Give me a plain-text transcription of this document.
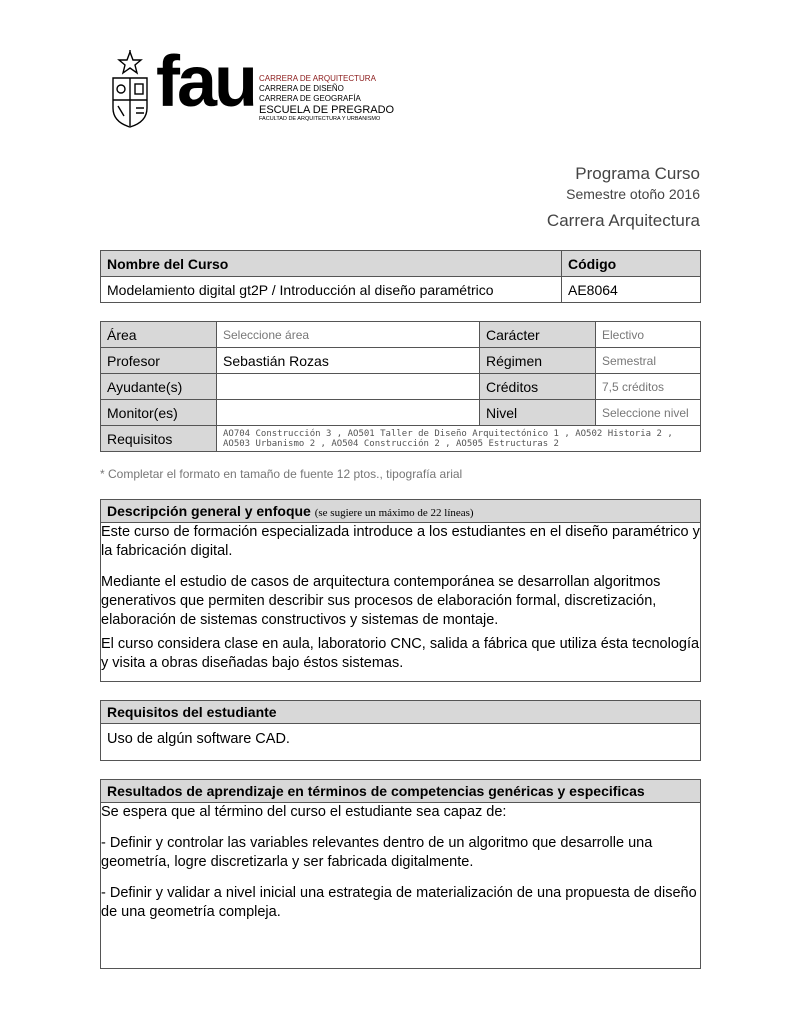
fau CARRERA DE ARQUITECTURA
CARRERA DE DISEÑO
CARRERA DE GEOGRAFÍA
ESCUELA DE PREGRADO
FACULTAD DE ARQUITECTURA Y URBANISMO
Programa Curso
Semestre otoño 2016
Carrera Arquitectura
Nombre del Curso	Código
Modelamiento digital gt2P / Introducción al diseño paramétrico	AE8064
Área	Seleccione área	Carácter	Electivo
Profesor	Sebastián Rozas	Régimen	Semestral
Ayudante(s)		Créditos	7,5 créditos
Monitor(es)		Nivel	Seleccione nivel
Requisitos	AO704 Construcción 3 , AO501 Taller de Diseño Arquitectónico 1 , AO502 Historia 2 , AO503 Urbanismo 2 , AO504 Construcción 2 , AO505 Estructuras 2		
* Completar el formato en tamaño de fuente 12 ptos., tipografía arial
Descripción general y enfoque (se sugiere un máximo de 22 líneas)

Este curso de formación especializada introduce a los estudiantes en el diseño paramétrico y la fabricación digital.

Mediante el estudio de casos de arquitectura contemporánea se desarrollan algoritmos generativos que permiten describir sus procesos de elaboración formal, discretización, elaboración de sistemas constructivos y sistemas de montaje.

El curso considera clase en aula, laboratorio CNC, salida a fábrica que utiliza ésta tecnología y visita a obras diseñadas bajo éstos sistemas.

Requisitos del estudiante
Uso de algún software CAD.
Resultados de aprendizaje en términos de competencias genéricas y especificas

Se espera que al término del curso el estudiante sea capaz de:

- Definir y controlar las variables relevantes dentro de un algoritmo que desarrolle una geometría, logre discretizarla y ser fabricada digitalmente.

- Definir y validar a nivel inicial una estrategia de materialización de una propuesta de diseño de una geometría compleja.
